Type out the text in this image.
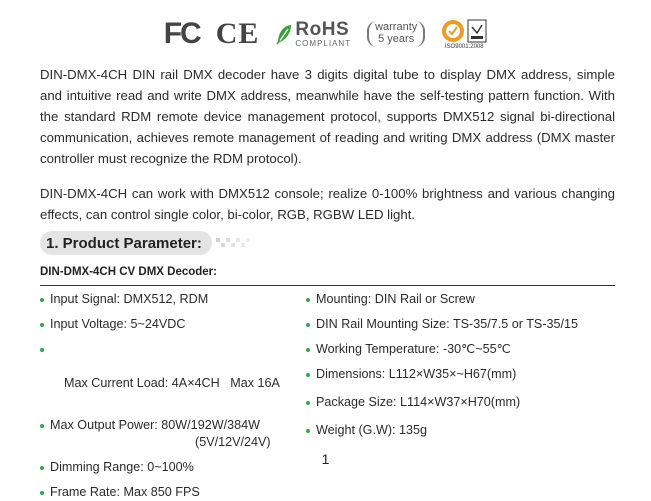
FC CE RoHS
COMPLIANT
warranty
5 years
ISO9001:2008

DIN-DMX-4CH DIN rail DMX decoder have 3 digits digital tube to display DMX address, simple and intuitive read and write DMX address, meanwhile have the self-testing pattern function. With the standard RDM remote device management protocol, supports DMX512 signal bi-directional communication, achieves remote management of reading and writing DMX address (DMX master controller must recognize the RDM protocol).

DIN-DMX-4CH can work with DMX512 console; realize 0-100% brightness and various changing effects, can control single color, bi-color, RGB, RGBW LED light.

1. Product Parameter:
DIN-DMX-4CH CV DMX Decoder:
Input Signal: DMX512, RDM
Input Voltage: 5~24VDC

Max Current Load: 4A×4CH   Max 16A

Max Output Power: 80W/192W/384W
(5V/12V/24V)
Dimming Range: 0~100%
Frame Rate: Max 850 FPS
Mounting: DIN Rail or Screw
DIN Rail Mounting Size: TS-35/7.5 or TS-35/15
Working Temperature: -30℃~55℃
Dimensions: L112×W35×~H67(mm)
Package Size: L114×W37×H70(mm)
Weight (G.W): 135g
1
